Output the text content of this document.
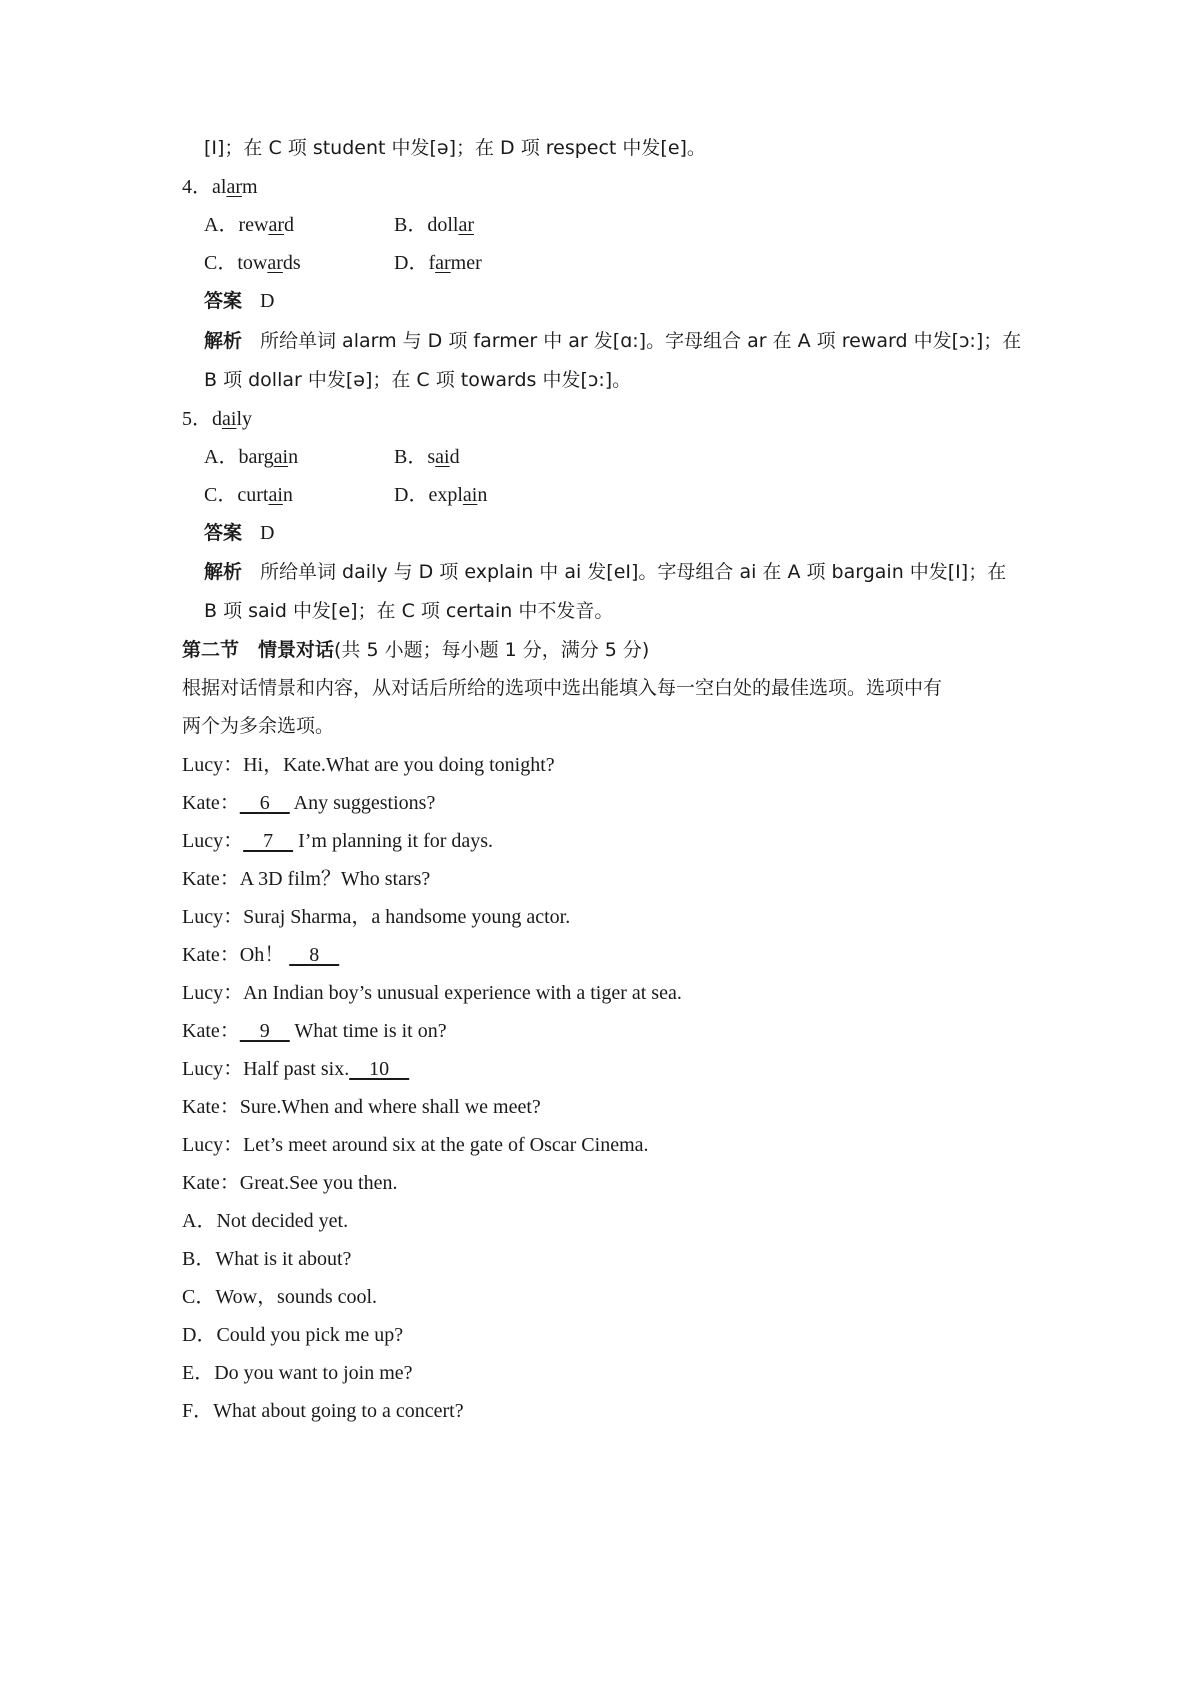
[I]；在 C 项 student 中发[ə]；在 D 项 respect 中发[e]。
4．alarm
A．reward	B．dollar
C．towards	D．farmer
答案 D
解析 所给单词 alarm 与 D 项 farmer 中 ar 发[ɑ:]。字母组合 ar 在 A 项 reward 中发[ɔ:]；在
B 项 dollar 中发[ə]；在 C 项 towards 中发[ɔ:]。
5．daily
A．bargain	B．said
C．curtain	D．explain
答案 D
解析 所给单词 daily 与 D 项 explain 中 ai 发[eI]。字母组合 ai 在 A 项 bargain 中发[I]；在
B 项 said 中发[e]；在 C 项 certain 中不发音。
第二节　情景对话(共 5 小题；每小题 1 分，满分 5 分)
根据对话情景和内容，从对话后所给的选项中选出能填入每一空白处的最佳选项。选项中有
两个为多余选项。
Lucy：Hi，Kate.What are you doing tonight?
Kate：　6　 Any suggestions?
Lucy：　7　 I’m planning it for days.
Kate：A 3D film？Who stars?
Lucy：Suraj Sharma，a handsome young actor.
Kate：Oh！ 　8　
Lucy：An Indian boy’s unusual experience with a tiger at sea.
Kate：　9　 What time is it on?
Lucy：Half past six.　10　
Kate：Sure.When and where shall we meet?
Lucy：Let’s meet around six at the gate of Oscar Cinema.
Kate：Great.See you then.
A．Not decided yet.
B．What is it about?
C．Wow，sounds cool.
D．Could you pick me up?
E．Do you want to join me?
F．What about going to a concert?
